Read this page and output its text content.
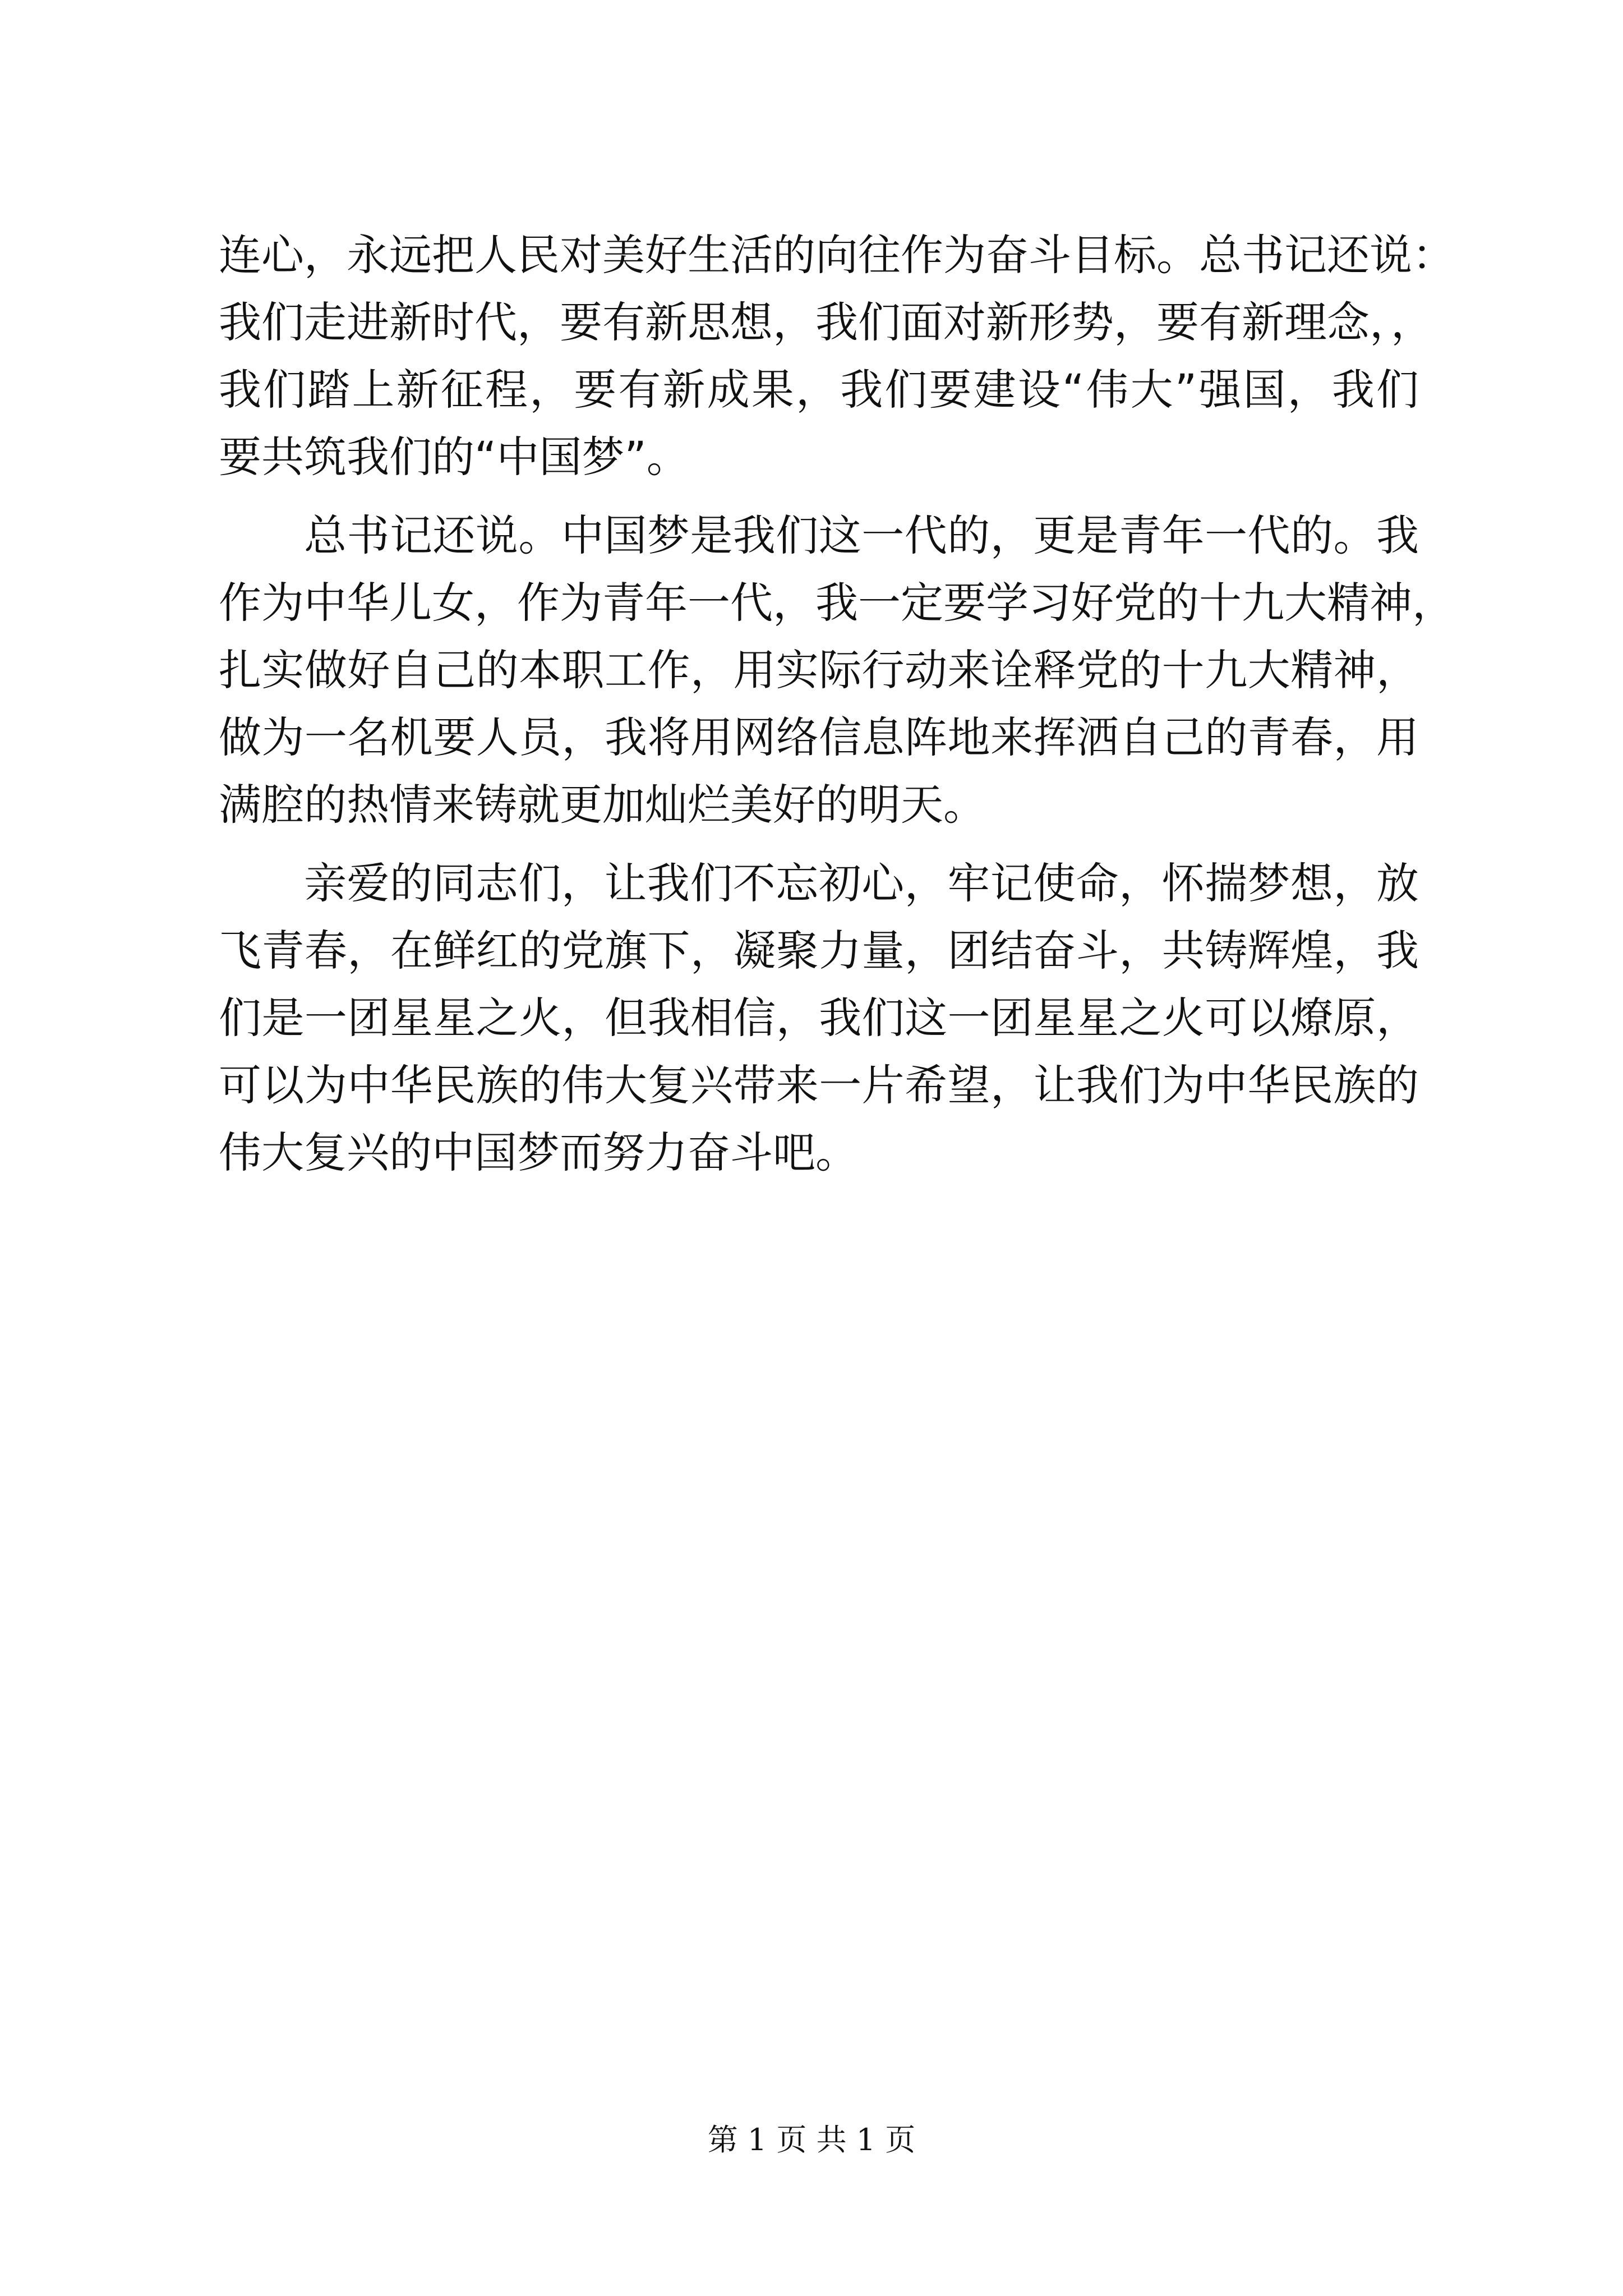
连心，永远把人民对美好生活的向往作为奋斗目标。总书记还说：
我们走进新时代，要有新思想，我们面对新形势，要有新理念，，
我们踏上新征程，要有新成果，我们要建设“伟大”强国，我们
要共筑我们的“中国梦”。
总书记还说。中国梦是我们这一代的，更是青年一代的。我
作为中华儿女，作为青年一代，我一定要学习好党的十九大精神，
扎实做好自己的本职工作，用实际行动来诠释党的十九大精神，
做为一名机要人员，我将用网络信息阵地来挥洒自己的青春，用
满腔的热情来铸就更加灿烂美好的明天。
亲爱的同志们，让我们不忘初心，牢记使命，怀揣梦想，放
飞青春，在鲜红的党旗下，凝聚力量，团结奋斗，共铸辉煌，我
们是一团星星之火，但我相信，我们这一团星星之火可以燎原，
可以为中华民族的伟大复兴带来一片希望，让我们为中华民族的
伟大复兴的中国梦而努力奋斗吧。
第 1 页 共 1 页
